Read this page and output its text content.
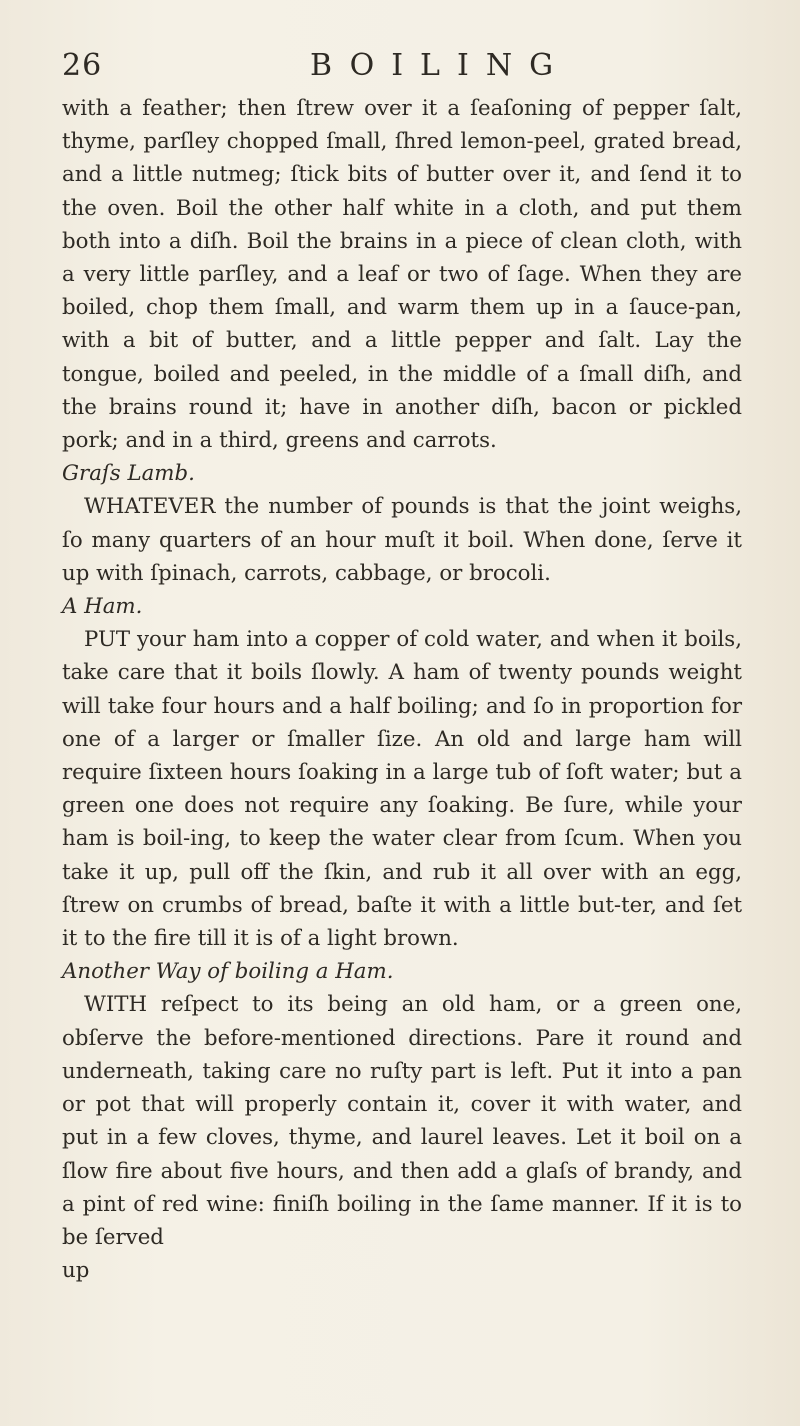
26	BOILING

with a feather; then ſtrew over it a ſeaſoning of pepper ſalt, thyme, parſley chopped ſmall, ſhred lemon-peel, grated bread, and a little nutmeg; ſtick bits of butter over it, and ſend it to the oven. Boil the other half white in a cloth, and put them both into a diſh. Boil the brains in a piece of clean cloth, with a very little parſley, and a leaf or two of ſage. When they are boiled, chop them ſmall, and warm them up in a ſauce-pan, with a bit of butter, and a little pepper and ſalt. Lay the tongue, boiled and peeled, in the middle of a ſmall diſh, and the brains round it; have in another diſh, bacon or pickled pork; and in a third, greens and carrots.

Graſs Lamb.

WHATEVER the number of pounds is that the joint weighs, ſo many quarters of an hour muſt it boil. When done, ſerve it up with ſpinach, carrots, cabbage, or brocoli.

A Ham.

PUT your ham into a copper of cold water, and when it boils, take care that it boils ſlowly. A ham of twenty pounds weight will take four hours and a half boiling; and ſo in proportion for one of a larger or ſmaller ſize. An old and large ham will require ſixteen hours ſoaking in a large tub of ſoft water; but a green one does not require any ſoaking. Be ſure, while your ham is boil-ing, to keep the water clear from ſcum. When you take it up, pull off the ſkin, and rub it all over with an egg, ſtrew on crumbs of bread, baſte it with a little but-ter, and ſet it to the fire till it is of a light brown.

Another Way of boiling a Ham.

WITH reſpect to its being an old ham, or a green one, obſerve the before-mentioned directions. Pare it round and underneath, taking care no ruſty part is left. Put it into a pan or pot that will properly contain it, cover it with water, and put in a few cloves, thyme, and laurel leaves. Let it boil on a ſlow fire about five hours, and then add a glaſs of brandy, and a pint of red wine: finiſh boiling in the ſame manner. If it is to be ſerved

up
